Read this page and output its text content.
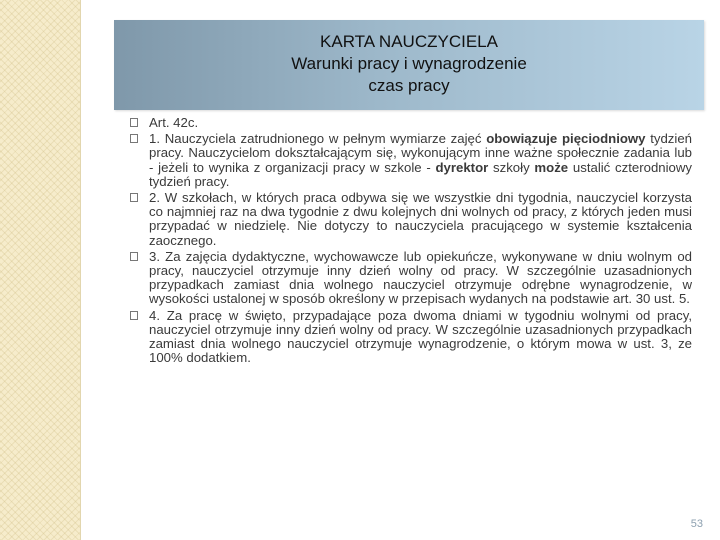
KARTA NAUCZYCIELA
Warunki pracy i wynagrodzenie
czas pracy

Art. 42c.

1. Nauczyciela zatrudnionego w pełnym wymiarze zajęć obowiązuje pięciodniowy tydzień pracy. Nauczycielom dokształcającym się, wykonującym inne ważne społecznie zadania lub - jeżeli to wynika z organizacji pracy w szkole - dyrektor szkoły może ustalić czterodniowy tydzień pracy.

2. W szkołach, w których praca odbywa się we wszystkie dni tygodnia, nauczyciel korzysta co najmniej raz na dwa tygodnie z dwu kolejnych dni wolnych od pracy, z których jeden musi przypadać w niedzielę. Nie dotyczy to nauczyciela pracującego w systemie kształcenia zaocznego.

3. Za zajęcia dydaktyczne, wychowawcze lub opiekuńcze, wykonywane w dniu wolnym od pracy, nauczyciel otrzymuje inny dzień wolny od pracy. W szczególnie uzasadnionych przypadkach zamiast dnia wolnego nauczyciel otrzymuje odrębne wynagrodzenie, w wysokości ustalonej w sposób określony w przepisach wydanych na podstawie art. 30 ust. 5.

4. Za pracę w święto, przypadające poza dwoma dniami w tygodniu wolnymi od pracy, nauczyciel otrzymuje inny dzień wolny od pracy. W szczególnie uzasadnionych przypadkach zamiast dnia wolnego nauczyciel otrzymuje wynagrodzenie, o którym mowa w ust. 3, ze 100% dodatkiem.

53
